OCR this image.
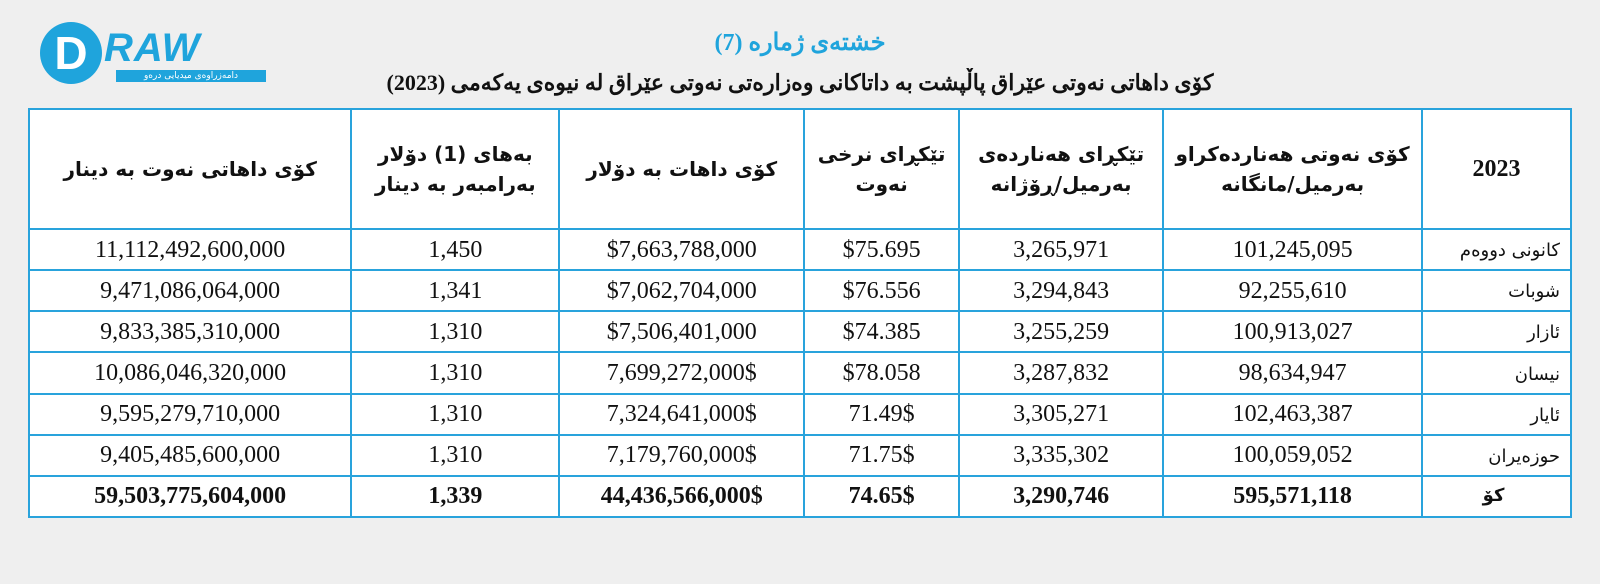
D RAW
دامەزراوەی میدیایی درەو
خشتەی ژمارە (7)
کۆی داهاتی نەوتی عێراق پاڵپشت بە داتاکانی وەزارەتی نەوتی عێراق لە نیوەی یەکەمی (2023)
2023	کۆی نەوتی هەناردەکراو بەرمیل/مانگانە	تێکڕای هەناردەی بەرمیل/ڕۆژانە	تێکڕای نرخی نەوت	کۆی داهات بە دۆلار	بەهای (1) دۆلار بەرامبەر بە دینار	کۆی داهاتی نەوت بە دینار
کانونی دووەم	101,245,095	3,265,971	$75.695	$7,663,788,000	1,450	11,112,492,600,000
شوبات	92,255,610	3,294,843	$76.556	$7,062,704,000	1,341	9,471,086,064,000
ئازار	100,913,027	3,255,259	$74.385	$7,506,401,000	1,310	9,833,385,310,000
نیسان	98,634,947	3,287,832	$78.058	7,699,272,000$	1,310	10,086,046,320,000
ئایار	102,463,387	3,305,271	71.49$	7,324,641,000$	1,310	9,595,279,710,000
حوزەیران	100,059,052	3,335,302	71.75$	7,179,760,000$	1,310	9,405,485,600,000
کۆ	595,571,118	3,290,746	74.65$	44,436,566,000$	1,339	59,503,775,604,000
